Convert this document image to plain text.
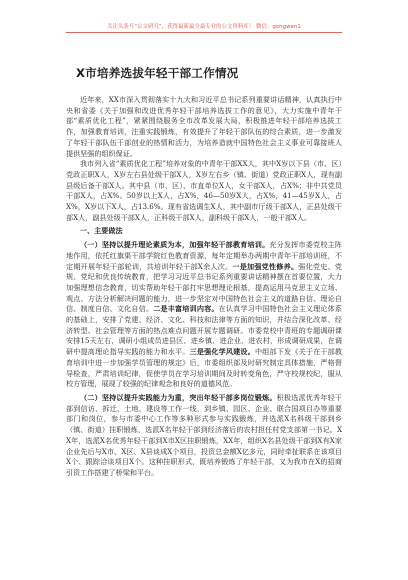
关注头条号“公文研究”，获得最新最全最专业的公文资料库！ 微信：gongwen1
X市培养选拔年轻干部工作情况

近年来，XX市深入贯彻落实十九大和习近平总书记系列重要讲话精神，认真执行中央和省委《关于加强和改进优秀年轻干部培养选拔工作的意见》，大力实施中青年干部“素质优化工程”，紧紧围绕服务全市改革发展大局，积极推进年轻干部培养选拔工作，加强教育培训，注重实践锻炼，有效提升了年轻干部队伍的综合素质，进一步激发了年轻干部队伍干部创业的热情和活力，为培养造就中国特色社会主义事业可靠接班人提供坚强的组织保证。

我市列入省“素质优化工程”培养对象的中青年干部XX人，其中X岁以下县（市、区）党政正职X人，X岁左右县处级干部X人，X岁左右乡（镇、街道）党政正职X人，现有副县级后备干部X人。其中县（市、区）、市直单位X人，女干部X人，占X%；非中共党员干部X人，占X%。50岁以上X人，占X%，46—50岁X人，占X%，41—45岁X人，占X%，X岁以下X人，占13.6%。现有省选调生X人，其中副市厅级干部X人，正县处级干部X人，副县处级干部X人，正科级干部X人，副科级干部X人，一般干部X人。

一、主要做法

（一）坚持以提升理论素质为本，加强年轻干部教育培训。充分发挥市委党校主阵地作用，依托红旗渠干部学院红色教育资源，每年定期举办两期中青年干部培训班，不定期开展年轻干部轮训，共培训年轻干部X余人次。一是加强党性修养。强化党史、党规、党纪和优良传统教育，把学习习近平总书记系列重要讲话精神摆在首要位置，大力加强理想信念教育，切实帮助年轻干部打牢思想理论根基，提高运用马克思主义立场、观点、方法分析解决问题的能力，进一步坚定对中国特色社会主义的道路自信、理论自信、制度自信、文化自信。二是丰富培训内容。在认真学习中国特色社会主义理论体系的基础上，安排了党建、经济、文化、科技和法律等方面的知识，并结合深化改革、经济转型、社会管理等方面的热点难点问题开展专题调研。市委党校中青班的专题调研课安排15天左右，调研小组成员进县区、进乡镇、进企业、进农村，形成调研成果，在调研中提高理论指导实践的能力和水平。三是强化学风建设。中组部下发《关于在干部教育培训中进一步加强学员管理的规定》后，市委组织部及时研究制定具体措施，严格督导检查，严肃培训纪律，促使学员在学习培训期间及时转变角色，严守校规校纪，服从校方管理，展现了较强的纪律观念和良好的道德风范。

（二）坚持以提升实践能力为重，突出年轻干部多岗位锻炼。积极选派优秀年轻干部到信访、拆迁、土地、建设等工作一线，到乡镇、园区、企业、联合国项目办等重要部门和岗位，参与市委中心工作等多种形式参与实践锻炼，并选派X名科级干部到乡（镇、街道）挂职锻炼，选派X名年轻干部到经济落后的农村担任村党支部第一书记。XX年，选派X名优秀年轻干部到X市X区挂职锻炼，XX年，组织X名县处级干部到X有X家企业先后与X市、X区、X县谈成X个项目，投资总金额X亿多元，同时牵扯联系在该项目X个、跟踪洽谈项目X个。这种挂职形式，既培养锻炼了年轻干部，又为我市在X的招商引资工作搭建了桥梁和平台。
